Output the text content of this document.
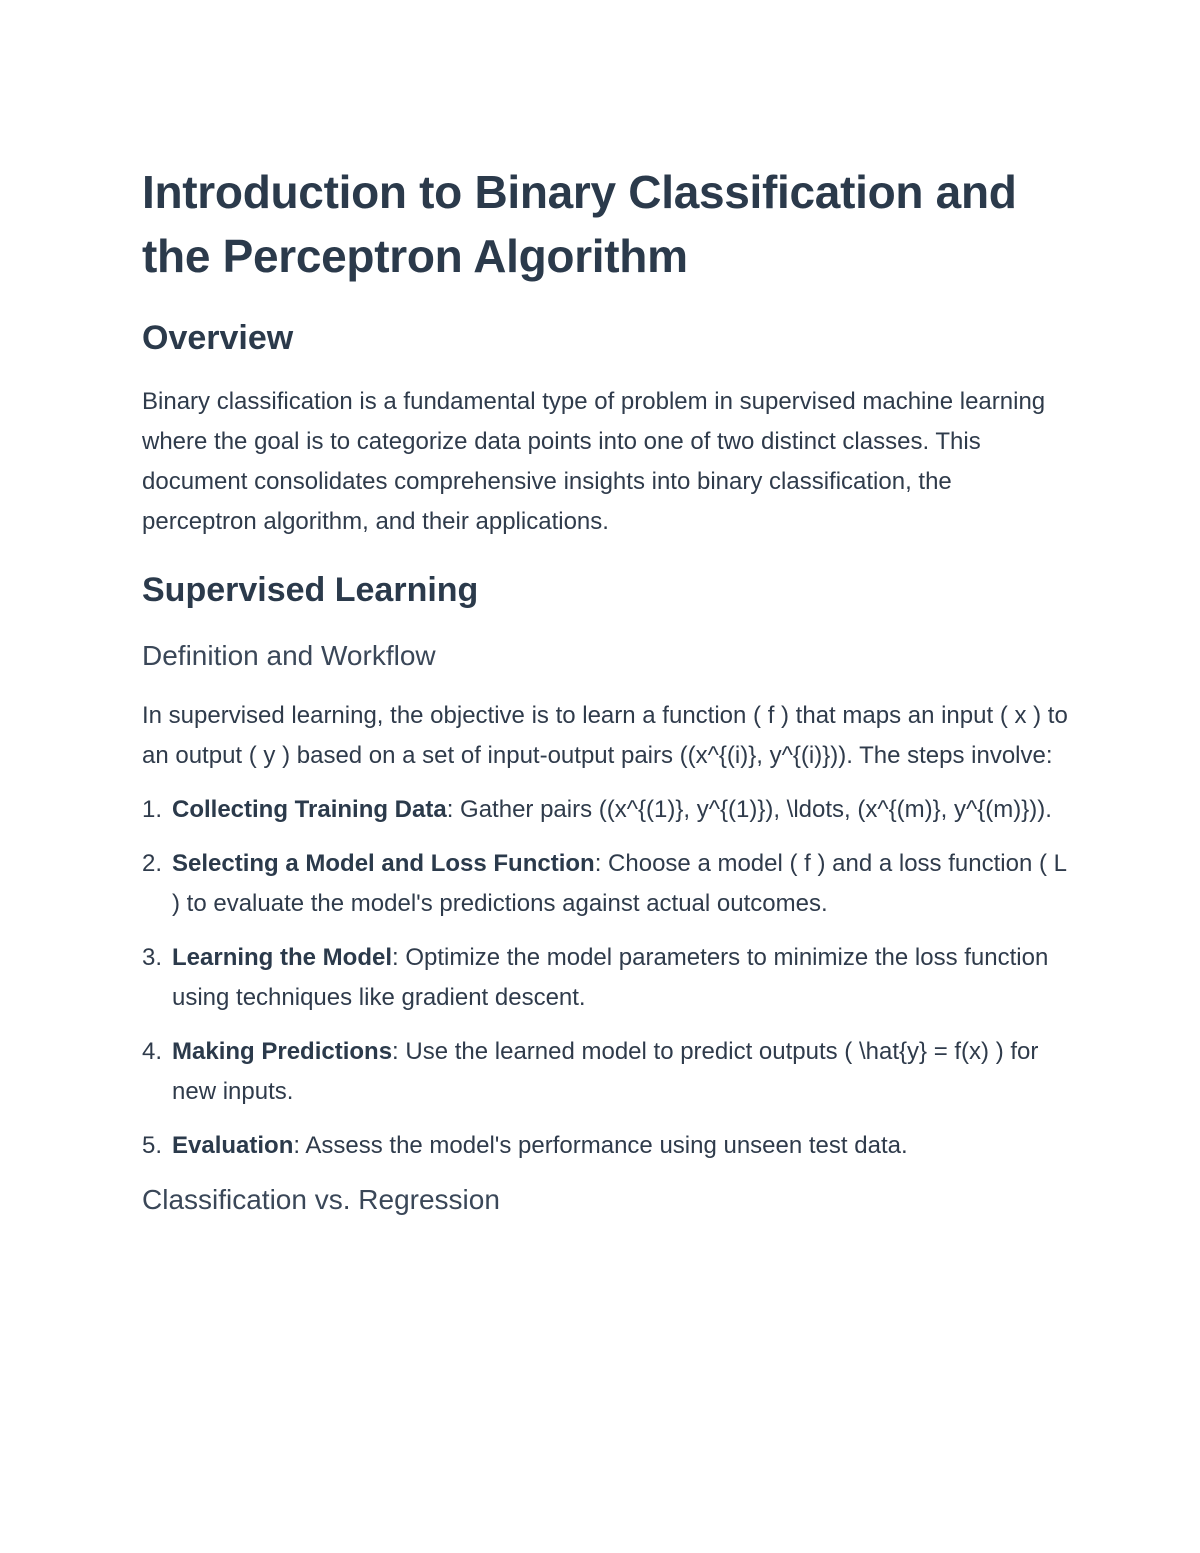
Introduction to Binary Classification and the Perceptron Algorithm
Overview

Binary classification is a fundamental type of problem in supervised machine learning where the goal is to categorize data points into one of two distinct classes. This document consolidates comprehensive insights into binary classification, the perceptron algorithm, and their applications.

Supervised Learning
Definition and Workflow

In supervised learning, the objective is to learn a function ( f ) that maps an input ( x ) to an output ( y ) based on a set of input-output pairs ((x^{(i)}, y^{(i)})). The steps involve:

1. Collecting Training Data: Gather pairs ((x^{(1)}, y^{(1)}), \ldots, (x^{(m)}, y^{(m)})).
2. Selecting a Model and Loss Function: Choose a model ( f ) and a loss function ( L ) to evaluate the model's predictions against actual outcomes.
3. Learning the Model: Optimize the model parameters to minimize the loss function using techniques like gradient descent.
4. Making Predictions: Use the learned model to predict outputs ( \hat{y} = f(x) ) for new inputs.
5. Evaluation: Assess the model's performance using unseen test data.
Classification vs. Regression
